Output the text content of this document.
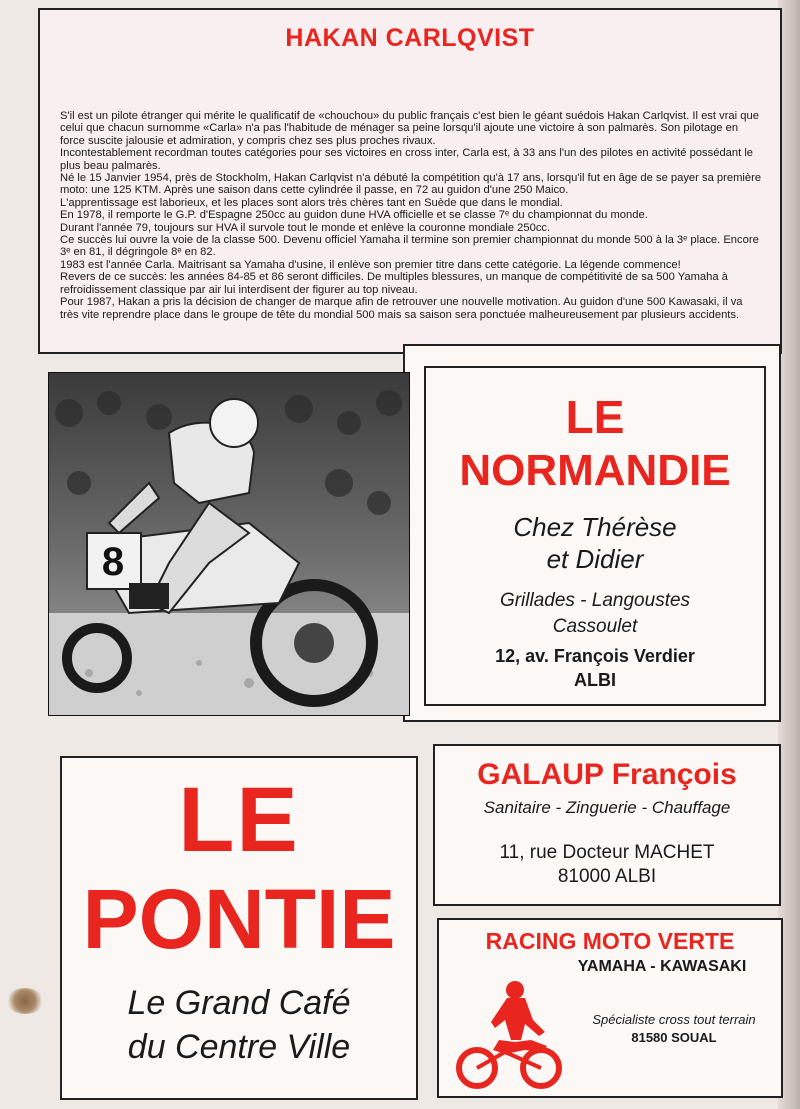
HAKAN CARLQVIST

S'il est un pilote étranger qui mérite le qualificatif de «chouchou» du public français c'est bien le géant suédois Hakan Carlqvist. Il est vrai que celui que chacun surnomme «Carla» n'a pas l'habitude de ménager sa peine lorsqu'il ajoute une victoire à son palmarès. Son pilotage en force suscite jalousie et admiration, y compris chez ses plus proches rivaux.

Incontestablement recordman toutes catégories pour ses victoires en cross inter, Carla est, à 33 ans l'un des pilotes en activité possédant le plus beau palmarès.

Né le 15 Janvier 1954, près de Stockholm, Hakan Carlqvist n'a débuté la compétition qu'à 17 ans, lorsqu'il fut en âge de se payer sa première moto: une 125 KTM. Après une saison dans cette cylindrée il passe, en 72 au guidon d'une 250 Maico.

L'apprentissage est laborieux, et les places sont alors très chères tant en Suède que dans le mondial.

En 1978, il remporte le G.P. d'Espagne 250cc au guidon dune HVA officielle et se classe 7ᵉ du championnat du monde.

Durant l'année 79, toujours sur HVA il survole tout le monde et enlève la couronne mondiale 250cc.

Ce succès lui ouvre la voie de la classe 500. Devenu officiel Yamaha il termine son premier championnat du monde 500 à la 3ᵉ place. Encore 3ᵉ en 81, il dégringole 8ᵉ en 82.

1983 est l'année Carla. Maitrisant sa Yamaha d'usine, il enlève son premier titre dans cette catégorie. La légende commence!

Revers de ce succès: les années 84-85 et 86 seront difficiles. De multiples blessures, un manque de compétitivité de sa 500 Yamaha à refroidissement classique par air lui interdisent der figurer au top niveau.

Pour 1987, Hakan a pris la décision de changer de marque afin de retrouver une nouvelle motivation. Au guidon d'une 500 Kawasaki, il va très vite reprendre place dans le groupe de tête du mondial 500 mais sa saison sera ponctuée malheureusement par plusieurs accidents.

8
LE
NORMANDIE
Chez Thérèse
et Didier
Grillades - Langoustes
Cassoulet
12, av. François Verdier
ALBI
LE
PONTIE
Le Grand Café
du Centre Ville
GALAUP François
Sanitaire - Zinguerie - Chauffage
11, rue Docteur MACHET
81000 ALBI
RACING MOTO VERTE
YAMAHA - KAWASAKI
Spécialiste cross tout terrain
81580 SOUAL
